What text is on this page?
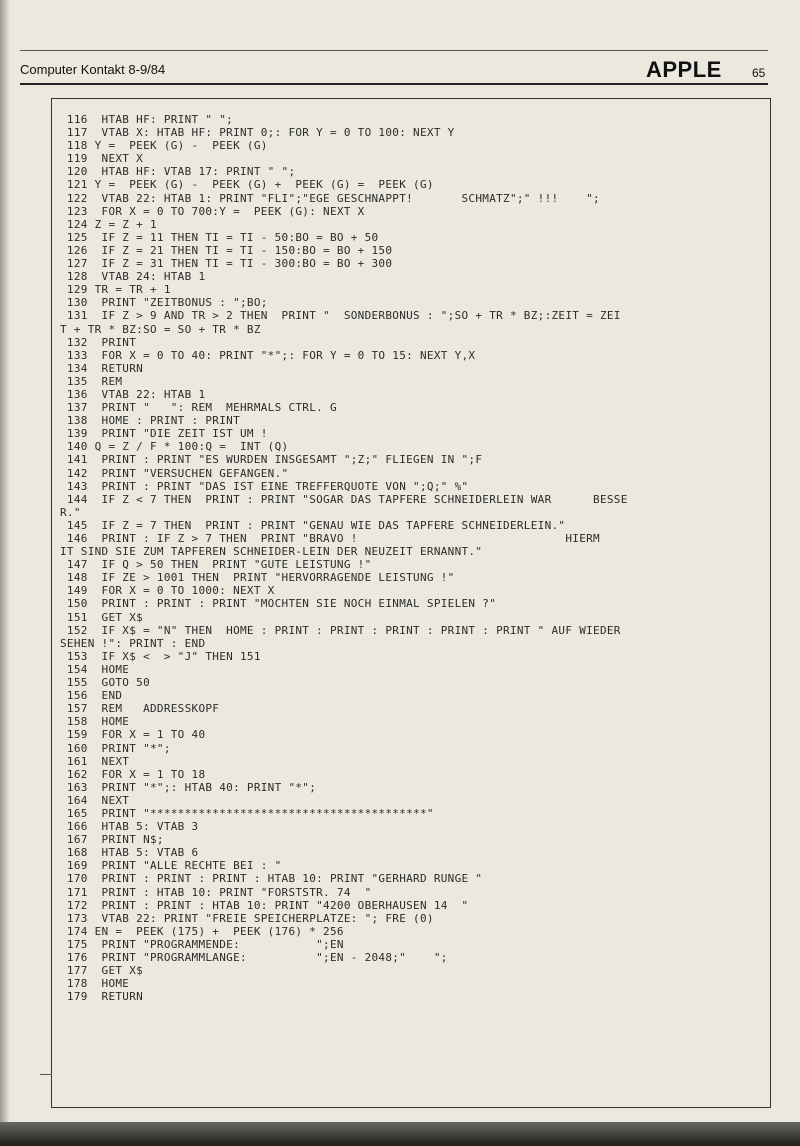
Computer Kontakt 8-9/84	APPLE	65
116  HTAB HF: PRINT " ";
117  VTAB X: HTAB HF: PRINT 0;: FOR Y = 0 TO 100: NEXT Y
118 Y =  PEEK (G) -  PEEK (G)
119  NEXT X
120  HTAB HF: VTAB 17: PRINT " ";
121 Y =  PEEK (G) -  PEEK (G) +  PEEK (G) =  PEEK (G)
122  VTAB 22: HTAB 1: PRINT "FLI";"EGE GESCHNAPPT!       SCHMATZ";" !!!    ";
123  FOR X = 0 TO 700:Y =  PEEK (G): NEXT X
124 Z = Z + 1
125  IF Z = 11 THEN TI = TI - 50:BO = BO + 50
126  IF Z = 21 THEN TI = TI - 150:BO = BO + 150
127  IF Z = 31 THEN TI = TI - 300:BO = BO + 300
128  VTAB 24: HTAB 1
129 TR = TR + 1
130  PRINT "ZEITBONUS : ";BO;
131  IF Z > 9 AND TR > 2 THEN  PRINT "  SONDERBONUS : ";SO + TR * BZ;:ZEIT = ZEI
T + TR * BZ:SO = SO + TR * BZ
132  PRINT
133  FOR X = 0 TO 40: PRINT "*";: FOR Y = 0 TO 15: NEXT Y,X
134  RETURN
135  REM
136  VTAB 22: HTAB 1
137  PRINT "   ": REM  MEHRMALS CTRL. G
138  HOME : PRINT : PRINT
139  PRINT "DIE ZEIT IST UM !
140 Q = Z / F * 100:Q =  INT (Q)
141  PRINT : PRINT "ES WURDEN INSGESAMT ";Z;" FLIEGEN IN ";F
142  PRINT "VERSUCHEN GEFANGEN."
143  PRINT : PRINT "DAS IST EINE TREFFERQUOTE VON ";Q;" %"
144  IF Z < 7 THEN  PRINT : PRINT "SOGAR DAS TAPFERE SCHNEIDERLEIN WAR      BESSE
R."
145  IF Z = 7 THEN  PRINT : PRINT "GENAU WIE DAS TAPFERE SCHNEIDERLEIN."
146  PRINT : IF Z > 7 THEN  PRINT "BRAVO !                              HIERM
IT SIND SIE ZUM TAPFEREN SCHNEIDER-LEIN DER NEUZEIT ERNANNT."
147  IF Q > 50 THEN  PRINT "GUTE LEISTUNG !"
148  IF ZE > 1001 THEN  PRINT "HERVORRAGENDE LEISTUNG !"
149  FOR X = 0 TO 1000: NEXT X
150  PRINT : PRINT : PRINT "MOCHTEN SIE NOCH EINMAL SPIELEN ?"
151  GET X$
152  IF X$ = "N" THEN  HOME : PRINT : PRINT : PRINT : PRINT : PRINT " AUF WIEDER
SEHEN !": PRINT : END
153  IF X$ <  > "J" THEN 151
154  HOME
155  GOTO 50
156  END
157  REM   ADDRESSKOPF
158  HOME
159  FOR X = 1 TO 40
160  PRINT "*";
161  NEXT
162  FOR X = 1 TO 18
163  PRINT "*";: HTAB 40: PRINT "*";
164  NEXT
165  PRINT "****************************************"
166  HTAB 5: VTAB 3
167  PRINT N$;
168  HTAB 5: VTAB 6
169  PRINT "ALLE RECHTE BEI : "
170  PRINT : PRINT : PRINT : HTAB 10: PRINT "GERHARD RUNGE "
171  PRINT : HTAB 10: PRINT "FORSTSTR. 74  "
172  PRINT : PRINT : HTAB 10: PRINT "4200 OBERHAUSEN 14  "
173  VTAB 22: PRINT "FREIE SPEICHERPLATZE: "; FRE (0)
174 EN =  PEEK (175) +  PEEK (176) * 256
175  PRINT "PROGRAMMENDE:           ";EN
176  PRINT "PROGRAMMLANGE:          ";EN - 2048;"    ";
177  GET X$
178  HOME
179  RETURN
